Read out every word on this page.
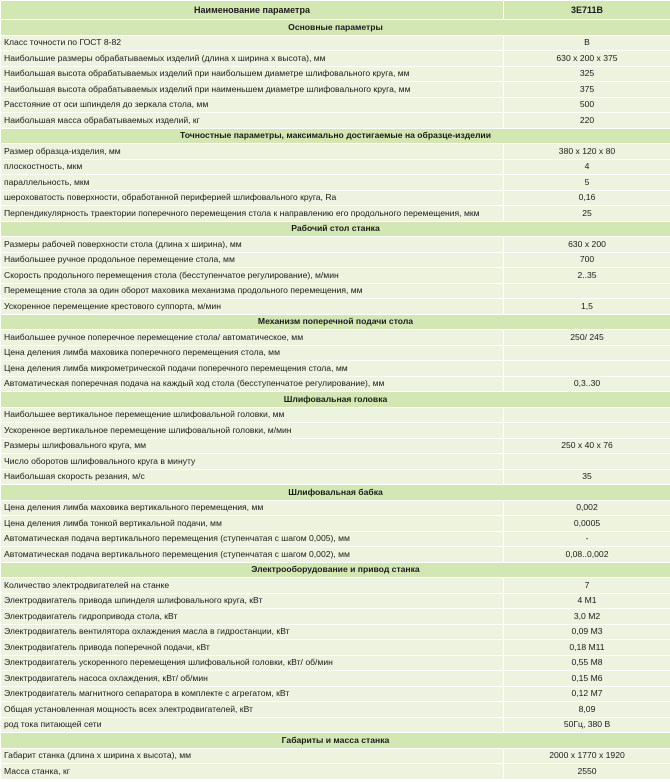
Наименование параметра	3Е711В
Основные параметры	
Класс точности по ГОСТ 8-82	В
Наибольшие размеры обрабатываемых изделий (длина х ширина х высота), мм	630 х 200 х 375
Наибольшая высота обрабатываемых изделий при наибольшем диаметре шлифовального круга, мм	325
Наибольшая высота обрабатываемых изделий при наименьшем диаметре шлифовального круга, мм	375
Расстояние от оси шпинделя до зеркала стола, мм	500
Наибольшая масса обрабатываемых изделий, кг	220
Точностные параметры, максимально достигаемые на образце-изделии	
Размер образца-изделия, мм	380 х 120 х 80
плоскостность, мкм	4
параллельность, мкм	5
шероховатость поверхности, обработанной периферией шлифовального круга, Ra	0,16
Перпендикулярность траектории поперечного перемещения стола к направлению его продольного перемещения, мкм	25
Рабочий стол станка	
Размеры рабочей поверхности стола (длина х ширина), мм	630 х 200
Наибольшее ручное продольное перемещение стола, мм	700
Скорость продольного перемещения стола (бесступенчатое регулирование), м/мин	2..35
Перемещение стола за один оборот маховика механизма продольного перемещения, мм	
Ускоренное перемещение крестового суппорта, м/мин	1,5
Механизм поперечной подачи стола	
Наибольшее ручное поперечное перемещение стола/ автоматическое, мм	250/ 245
Цена деления лимба маховика поперечного перемещения стола, мм	
Цена деления лимба микрометрической подачи поперечного перемещения стола, мм	
Автоматическая поперечная подача на каждый ход стола (бесступенчатое регулирование), мм	0,3..30
Шлифовальная головка	
Наибольшее вертикальное перемещение шлифовальной головки, мм	
Ускоренное вертикальное перемещение шлифовальной головки, м/мин	
Размеры шлифовального круга, мм	250 х 40 х 76
Число оборотов шлифовального круга в минуту	
Наибольшая скорость резания, м/с	35
Шлифовальная бабка	
Цена деления лимба маховика вертикального перемещения, мм	0,002
Цена деления лимба тонкой вертикальной подачи, мм	0,0005
Автоматическая подача вертикального перемещения (ступенчатая с шагом 0,005), мм	-
Автоматическая подача вертикального перемещения (ступенчатая с шагом 0,002), мм	0,08..0,002
Электрооборудование и привод станка	
Количество электродвигателей на станке	7
Электродвигатель привода шпинделя шлифовального круга, кВт	4 М1
Электродвигатель гидропривода стола, кВт	3,0 М2
Электродвигатель вентилятора охлаждения масла в гидростанции, кВт	0,09 М3
Электродвигатель привода поперечной подачи, кВт	0,18 М11
Электродвигатель ускоренного перемещения шлифовальной головки, кВт/ об/мин	0,55 М8
Электродвигатель насоса охлаждения, кВт/ об/мин	0,15 М6
Электродвигатель магнитного сепаратора в комплекте с агрегатом, кВт	0,12 М7
Общая установленная мощность всех электродвигателей, кВт	8,09
род тока питающей сети	50Гц, 380 В
Габариты и масса станка	
Габарит станка (длина х ширина х высота), мм	2000 х 1770 х 1920
Масса станка, кг	2550
